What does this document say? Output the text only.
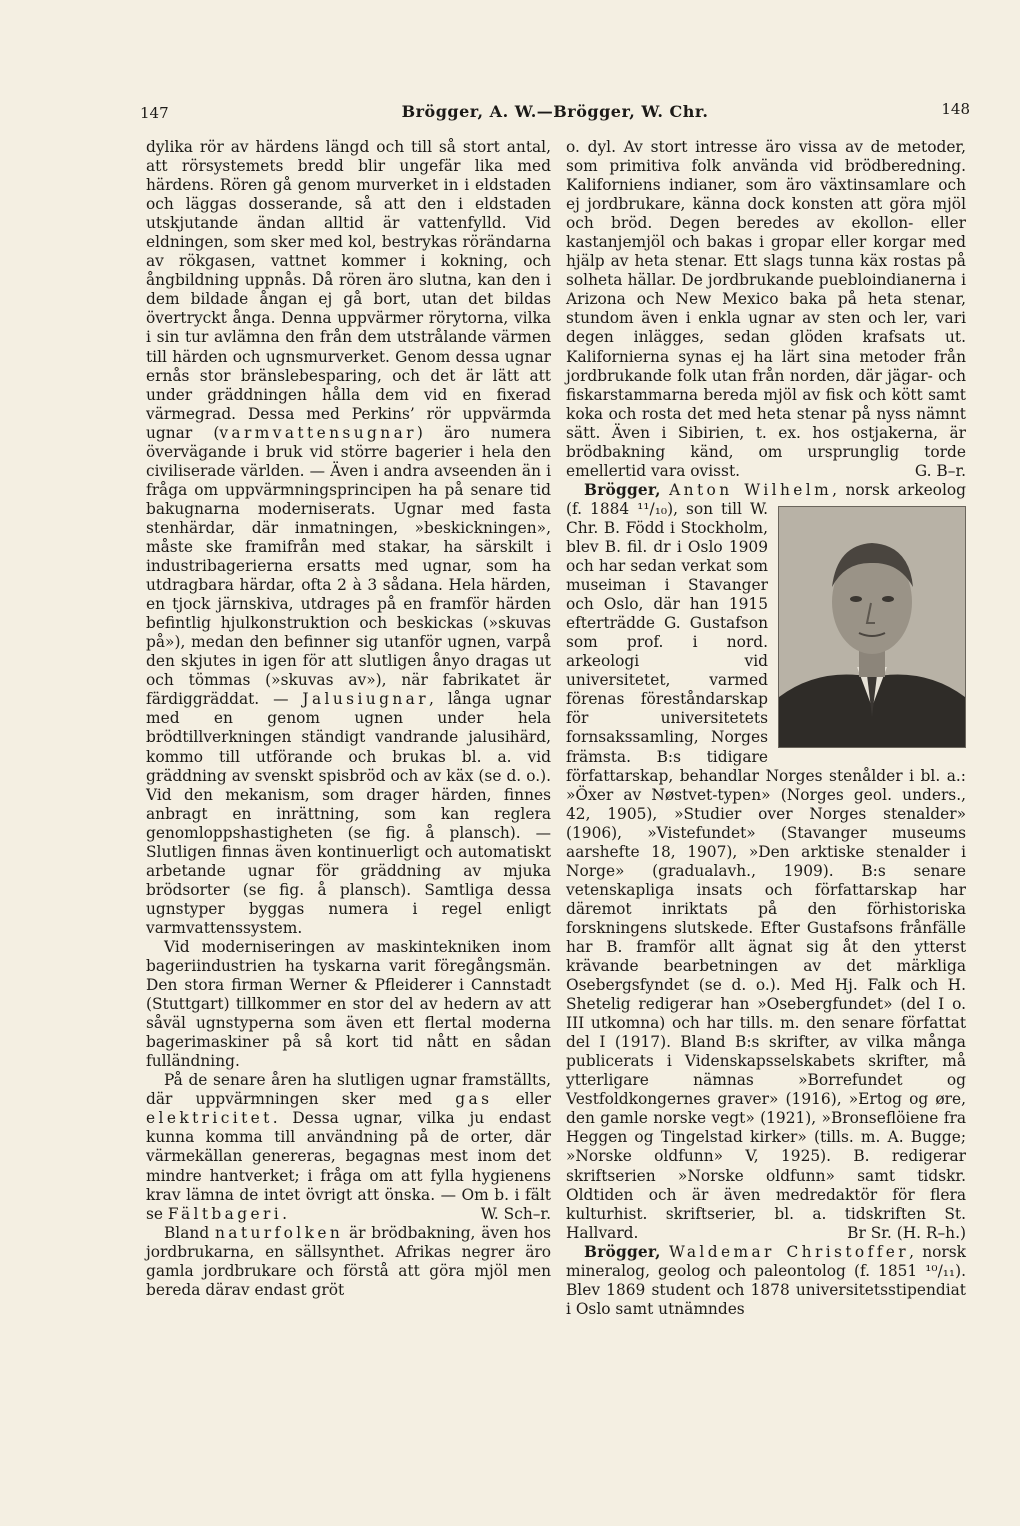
147	Brögger, A. W.—Brögger, W. Chr.	148

dylika rör av härdens längd och till så stort antal, att rörsystemets bredd blir ungefär lika med härdens. Rören gå genom murverket in i eldstaden och läggas dosserande, så att den i eldstaden utskjutande ändan alltid är vattenfylld. Vid eldningen, som sker med kol, bestrykas rörändarna av rökgasen, vattnet kommer i kokning, och ångbildning uppnås. Då rören äro slutna, kan den i dem bildade ångan ej gå bort, utan det bildas övertryckt ånga. Denna uppvärmer rörytorna, vilka i sin tur avlämna den från dem utstrålande värmen till härden och ugnsmurverket. Genom dessa ugnar ernås stor bränslebesparing, och det är lätt att under gräddningen hålla dem vid en fixerad värmegrad. Dessa med Perkins’ rör uppvärmda ugnar (varmvattensugnar) äro numera övervägande i bruk vid större bagerier i hela den civiliserade världen. — Även i andra avseenden än i fråga om uppvärmningsprincipen ha på senare tid bakugnarna moderniserats. Ugnar med fasta stenhärdar, där inmatningen, »beskickningen», måste ske framifrån med stakar, ha särskilt i industribagerierna ersatts med ugnar, som ha utdragbara härdar, ofta 2 à 3 sådana. Hela härden, en tjock järnskiva, utdrages på en framför härden befintlig hjulkonstruktion och beskickas (»skuvas på»), medan den befinner sig utanför ugnen, varpå den skjutes in igen för att slutligen ånyo dragas ut och tömmas (»skuvas av»), när fabrikatet är färdiggräddat. — Jalusiugnar, långa ugnar med en genom ugnen under hela brödtillverkningen ständigt vandrande jalusihärd, kommo till utförande och brukas bl. a. vid gräddning av svenskt spisbröd och av käx (se d. o.). Vid den mekanism, som drager härden, finnes anbragt en inrättning, som kan reglera genomloppshastigheten (se fig. å plansch). — Slutligen finnas även kontinuerligt och automatiskt arbetande ugnar för gräddning av mjuka brödsorter (se fig. å plansch). Samtliga dessa ugnstyper byggas numera i regel enligt varmvattenssystem.

Vid moderniseringen av maskintekniken inom bageriindustrien ha tyskarna varit föregångsmän. Den stora firman Werner & Pfleiderer i Cannstadt (Stuttgart) tillkommer en stor del av hedern av att såväl ugnstyperna som även ett flertal moderna bagerimaskiner på så kort tid nått en sådan fulländning.

På de senare åren ha slutligen ugnar framställts, där uppvärmningen sker med gas eller elektricitet. Dessa ugnar, vilka ju endast kunna komma till användning på de orter, där värmekällan genereras, begagnas mest inom det mindre hantverket; i fråga om att fylla hygienens krav lämna de intet övrigt att önska. — Om b. i fält se Fältbageri.	W. Sch–r.

Bland naturfolken är brödbakning, även hos jordbrukarna, en sällsynthet. Afrikas negrer äro gamla jordbrukare och förstå att göra mjöl men bereda därav endast gröt

o. dyl. Av stort intresse äro vissa av de metoder, som primitiva folk använda vid brödberedning. Kaliforniens indianer, som äro växtinsamlare och ej jordbrukare, känna dock konsten att göra mjöl och bröd. Degen beredes av ekollon- eller kastanjemjöl och bakas i gropar eller korgar med hjälp av heta stenar. Ett slags tunna käx rostas på solheta hällar. De jordbrukande puebloindianerna i Arizona och New Mexico baka på heta stenar, stundom även i enkla ugnar av sten och ler, vari degen inlägges, sedan glöden krafsats ut. Kalifornierna synas ej ha lärt sina metoder från jordbrukande folk utan från norden, där jägar- och fiskarstammarna bereda mjöl av fisk och kött samt koka och rosta det med heta stenar på nyss nämnt sätt. Även i Sibirien, t. ex. hos ostjakerna, är brödbakning känd, om ursprunglig torde emellertid vara ovisst.	G. B–r.

Brögger, Anton Wilhelm
, norsk arkeolog (f. 1884 ¹¹/₁₀), son till W. Chr. B. Född i Stockholm, blev B. fil. dr i Oslo 1909 och har sedan verkat som museiman i Stavanger och Oslo, där han 1915 efterträdde G. Gustafson som prof. i nord. arkeologi vid universitetet, varmed förenas föreståndarskap för universitetets fornsakssamling, Norges främsta. B:s tidigare författarskap, behandlar Norges stenålder i bl. a.: »Öxer av Nøstvet-typen» (Norges geol. unders., 42, 1905), »Studier over Norges stenalder» (1906), »Vistefundet» (Stavanger museums aarshefte 18, 1907), »Den arktiske stenalder i Norge» (gradualavh., 1909). B:s senare vetenskapliga insats och författarskap har däremot inriktats på den förhistoriska forskningens slutskede. Efter Gustafsons frånfälle har B. framför allt ägnat sig åt den ytterst krävande bearbetningen av det märkliga Osebergsfyndet (se d. o.). Med Hj. Falk och H. Shetelig redigerar han »Osebergfundet» (del I o. III utkomna) och har tills. m. den senare författat del I (1917). Bland B:s skrifter, av vilka många publicerats i Videnskapsselskabets skrifter, må ytterligare nämnas »Borrefundet og Vestfoldkongernes graver» (1916), »Ertog og øre, den gamle norske vegt» (1921), »Bronseflöiene fra Heggen og Tingelstad kirker» (tills. m. A. Bugge; »Norske oldfunn» V, 1925). B. redigerar skriftserien »Norske oldfunn» samt tidskr. Oldtiden och är även medredaktör för flera kulturhist. skriftserier, bl. a. tidskriften St. Hallvard.	Br Sr. (H. R–h.)

Brögger, Waldemar Christoffer, norsk mineralog, geolog och paleontolog (f. 1851 ¹⁰/₁₁). Blev 1869 student och 1878 universitetsstipendiat i Oslo samt utnämndes
